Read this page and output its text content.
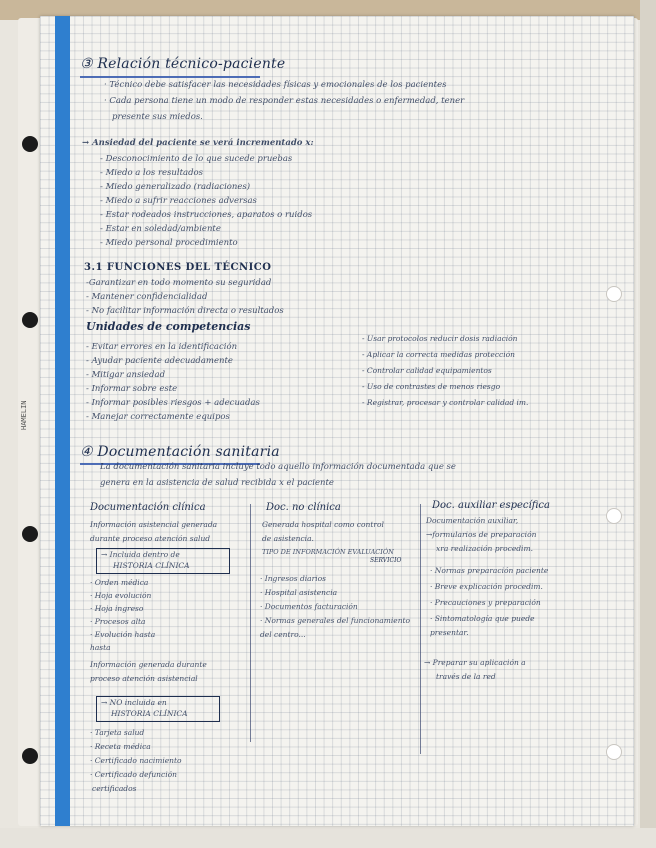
HAMELIN
③ Relación técnico-paciente
· Técnico debe satisfacer las necesidades físicas y emocionales de los pacientes
· Cada persona tiene un modo de responder estas necesidades o enfermedad, tener
presente sus miedos.
→ Ansiedad del paciente se verá incrementado x:
- Desconocimiento de lo que sucede pruebas
- Miedo a los resultados
- Miedo generalizado (radiaciones)
- Miedo a sufrir reacciones adversas
- Estar rodeados instrucciones, aparatos o ruidos
- Estar en soledad/ambiente
- Miedo personal procedimiento
3.1 FUNCIONES DEL TÉCNICO
-Garantizar en todo momento su seguridad
- Mantener confidencialidad
- No facilitar información directa o resultados
Unidades de competencias
- Evitar errores en la identificación
- Ayudar paciente adecuadamente
- Mitigar ansiedad
- Informar sobre este
- Informar posibles riesgos + adecuadas
- Manejar correctamente equipos
- Usar protocolos reducir dosis radiación
- Aplicar la correcta medidas protección
- Controlar calidad equipamientos
- Uso de contrastes de menos riesgo
- Registrar, procesar y controlar calidad im.
④ Documentación sanitaria
La documentación sanitaria incluye todo aquello información documentada que se
genera en la asistencia de salud recibida x el paciente
Documentación clínica
Información asistencial generada
durante proceso atención salud
→ Incluida dentro de
HISTORIA CLÍNICA
· Orden médica
· Hoja evolución
· Hoja ingreso
· Procesos alta
· Evolución hasta
hasta
Información generada durante
proceso atención asistencial
→ NO incluida en
HISTORIA CLÍNICA
· Tarjeta salud
· Receta médica
· Certificado nacimiento
· Certificado defunción
certificados
Doc. no clínica
Generada hospital como control
de asistencia.
TIPO DE INFORMACIÓN EVALUACIÓN
SERVICIO
· Ingresos diarios
· Hospital asistencia
· Documentos facturación
· Normas generales del funcionamiento
del centro...
Doc. auxiliar específica
Documentación auxiliar,
→formularios de preparación
xra realización procedim.
· Normas preparación paciente
· Breve explicación procedim.
· Precauciones y preparación
· Sintomatología que puede
presentar.
→ Preparar su aplicación a
través de la red
